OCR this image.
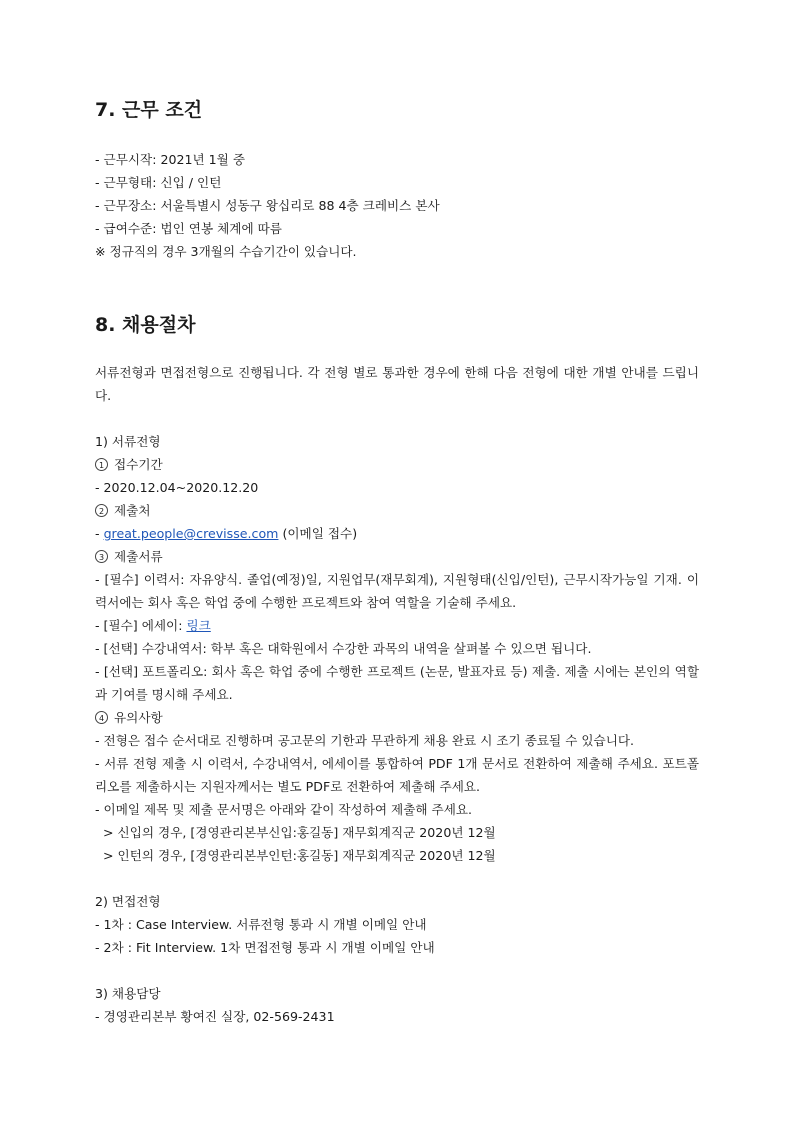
7. 근무 조건

- 근무시작: 2021년 1월 중

- 근무형태: 신입 / 인턴

- 근무장소: 서울특별시 성동구 왕십리로 88 4층 크레비스 본사

- 급여수준: 법인 연봉 체계에 따름

※ 정규직의 경우 3개월의 수습기간이 있습니다.

8. 채용절차

서류전형과 면접전형으로 진행됩니다. 각 전형 별로 통과한 경우에 한해 다음 전형에 대한 개별 안내를 드립니다.

1) 서류전형

1 접수기간

- 2020.12.04~2020.12.20

2 제출처

- great.people@crevisse.com (이메일 접수)

3 제출서류

- [필수] 이력서: 자유양식. 졸업(예정)일, 지원업무(재무회계), 지원형태(신입/인턴), 근무시작가능일 기재. 이력서에는 회사 혹은 학업 중에 수행한 프로젝트와 참여 역할을 기술해 주세요.

- [필수] 에세이: 링크

- [선택] 수강내역서: 학부 혹은 대학원에서 수강한 과목의 내역을 살펴볼 수 있으면 됩니다.

- [선택] 포트폴리오: 회사 혹은 학업 중에 수행한 프로젝트 (논문, 발표자료 등) 제출. 제출 시에는 본인의 역할과 기여를 명시해 주세요.

4 유의사항

- 전형은 접수 순서대로 진행하며 공고문의 기한과 무관하게 채용 완료 시 조기 종료될 수 있습니다.

- 서류 전형 제출 시 이력서, 수강내역서, 에세이를 통합하여 PDF 1개 문서로 전환하여 제출해 주세요. 포트폴리오를 제출하시는 지원자께서는 별도 PDF로 전환하여 제출해 주세요.

- 이메일 제목 및 제출 문서명은 아래와 같이 작성하여 제출해 주세요.

> 신입의 경우, [경영관리본부신입:홍길동] 재무회계직군 2020년 12월

> 인턴의 경우, [경영관리본부인턴:홍길동] 재무회계직군 2020년 12월

2) 면접전형

- 1차 : Case Interview. 서류전형 통과 시 개별 이메일 안내

- 2차 : Fit Interview. 1차 면접전형 통과 시 개별 이메일 안내

3) 채용담당

- 경영관리본부 황여진 실장, 02-569-2431
